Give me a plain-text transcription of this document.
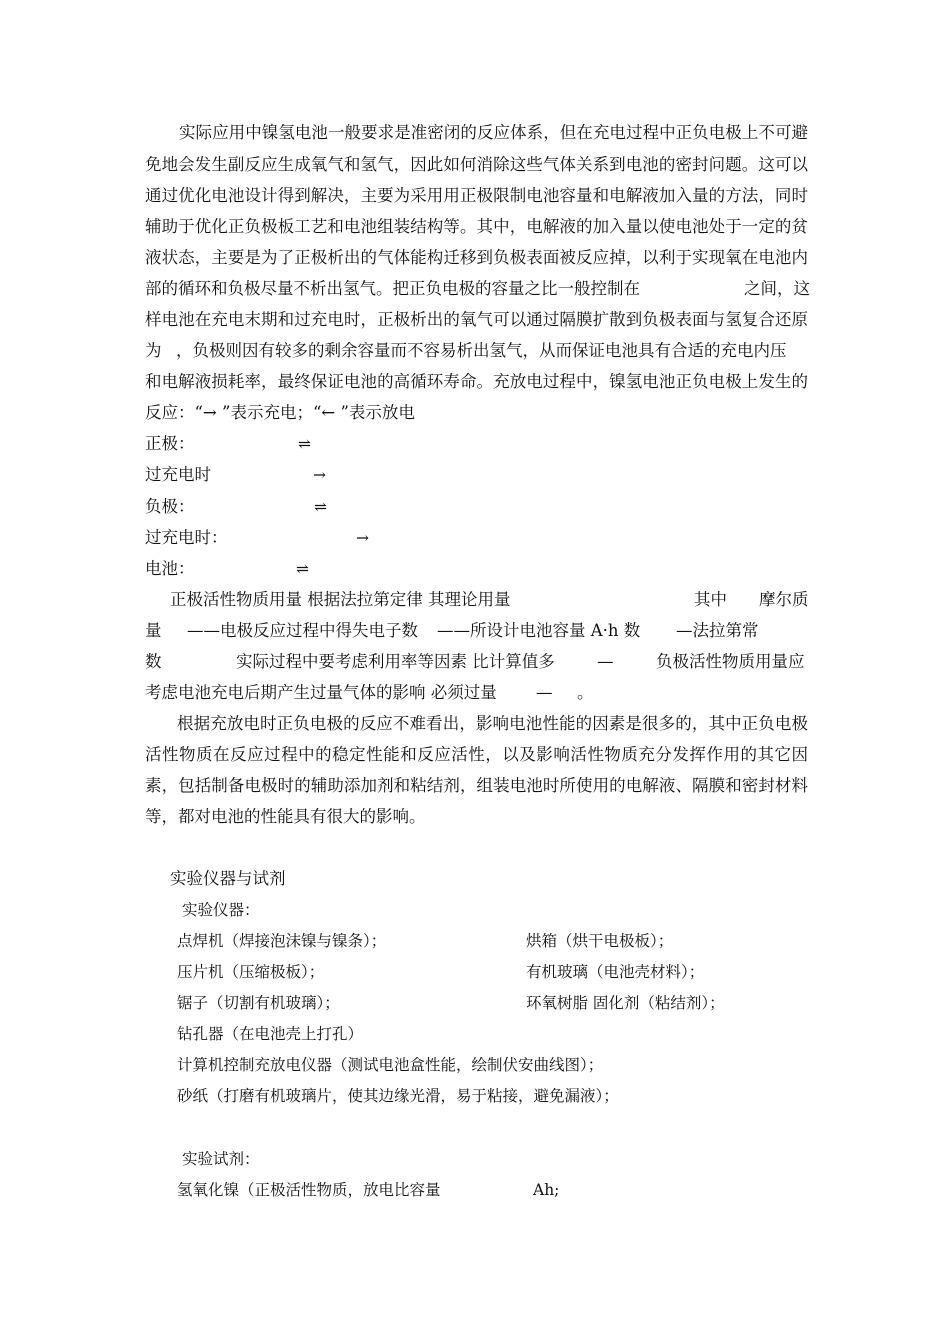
实际应用中镍氢电池一般要求是准密闭的反应体系，但在充电过程中正负电极上不可避
免地会发生副反应生成氧气和氢气，因此如何消除这些气体关系到电池的密封问题。这可以
通过优化电池设计得到解决，主要为采用用正极限制电池容量和电解液加入量的方法，同时
辅助于优化正负极板工艺和电池组装结构等。其中，电解液的加入量以使电池处于一定的贫
液状态，主要是为了正极析出的气体能构迁移到负极表面被反应掉，以利于实现氧在电池内
部的循环和负极尽量不析出氢气。把正负电极的容量之比一般控制在	之间，这
样电池在充电末期和过充电时，正极析出的氧气可以通过隔膜扩散到负极表面与氢复合还原
为 ，负极则因有较多的剩余容量而不容易析出氢气，从而保证电池具有合适的充电内压
和电解液损耗率，最终保证电池的高循环寿命。充放电过程中，镍氢电池正负电极上发生的
反应：“→ ”表示充电；“← ”表示放电
正极：	⇌
过充电时	→
负极：	⇌
过充电时：	→
电池：	⇌
正极活性物质用量 根据法拉第定律 其理论用量	其中 摩尔质
量 ——电极反应过程中得失电子数 ——所设计电池容量 A·h 数 —法拉第常
数	实际过程中要考虑利用率等因素 比计算值多	—	负极活性物质用量应
考虑电池充电后期产生过量气体的影响 必须过量 — 。
根据充放电时正负电极的反应不难看出，影响电池性能的因素是很多的，其中正负电极
活性物质在反应过程中的稳定性能和反应活性，以及影响活性物质充分发挥作用的其它因
素，包括制备电极时的辅助添加剂和粘结剂，组装电池时所使用的电解液、隔膜和密封材料
等，都对电池的性能具有很大的影响。
实验仪器与试剂
实验仪器：
点焊机（焊接泡沫镍与镍条）；	烘箱（烘干电极板）；
压片机（压缩极板）；	有机玻璃（电池壳材料）；
锯子（切割有机玻璃）；	环氧树脂 固化剂（粘结剂）；
钻孔器（在电池壳上打孔）
计算机控制充放电仪器（测试电池盒性能，绘制伏安曲线图）；
砂纸（打磨有机玻璃片，使其边缘光滑，易于粘接，避免漏液）；
实验试剂：
氢氧化镍（正极活性物质，放电比容量	Ah;
